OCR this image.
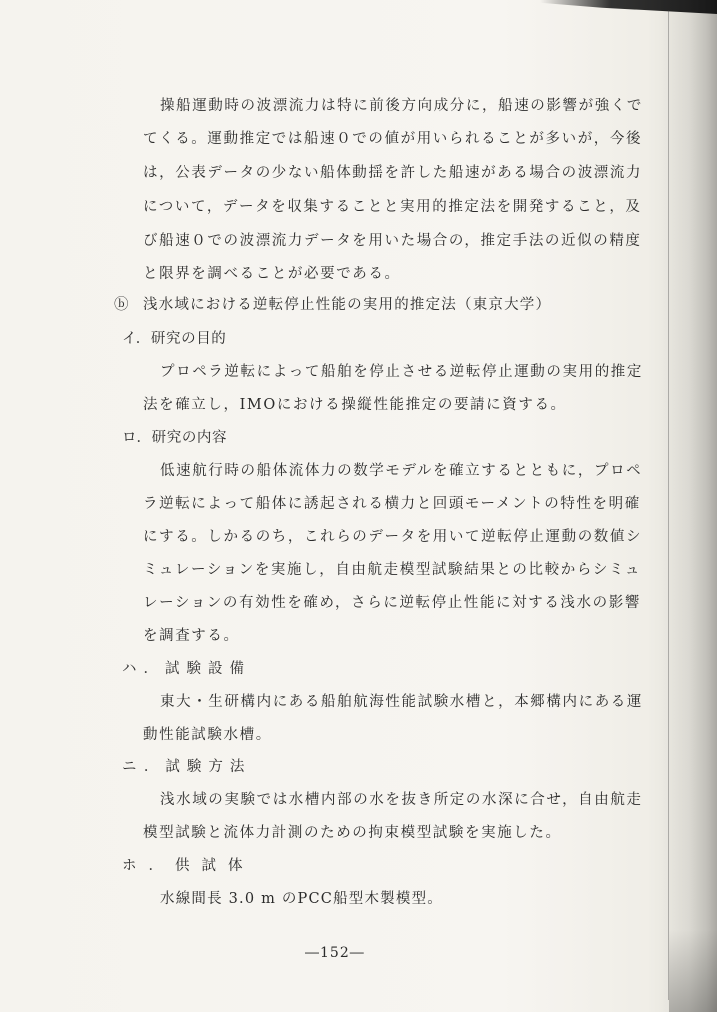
操船運動時の波漂流力は特に前後方向成分に，船速の影響が強くで
てくる。運動推定では船速０での値が用いられることが多いが，今後
は，公表データの少ない船体動揺を許した船速がある場合の波漂流力
について，データを収集することと実用的推定法を開発すること，及
び船速０での波漂流力データを用いた場合の，推定手法の近似の精度
と限界を調べることが必要である。
ⓑ 浅水域における逆転停止性能の実用的推定法（東京大学）
イ．研究の目的
プロペラ逆転によって船舶を停止させる逆転停止運動の実用的推定
法を確立し，IMOにおける操縦性能推定の要請に資する。
ロ．研究の内容
低速航行時の船体流体力の数学モデルを確立するとともに，プロペ
ラ逆転によって船体に誘起される横力と回頭モーメントの特性を明確
にする。しかるのち，これらのデータを用いて逆転停止運動の数値シ
ミュレーションを実施し，自由航走模型試験結果との比較からシミュ
レーションの有効性を確め，さらに逆転停止性能に対する浅水の影響
を調査する。
ハ．試験設備
東大・生研構内にある船舶航海性能試験水槽と，本郷構内にある運
動性能試験水槽。
ニ．試験方法
浅水域の実験では水槽内部の水を抜き所定の水深に合せ，自由航走
模型試験と流体力計測のための拘束模型試験を実施した。
ホ．供試体
水線間長 3.0 m のPCC船型木製模型。
―152―
